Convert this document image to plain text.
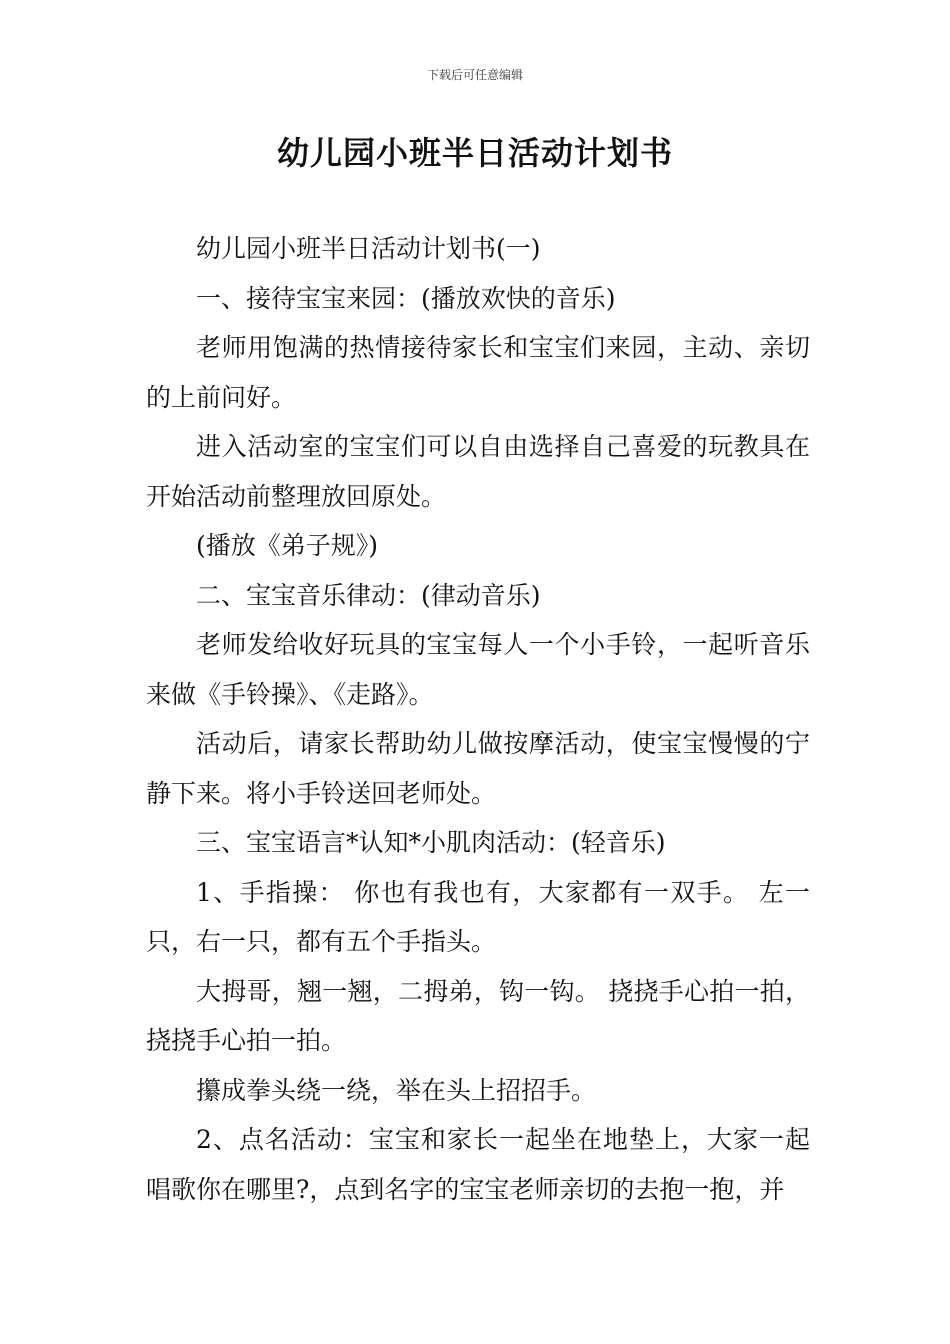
下载后可任意编辑
幼儿园小班半日活动计划书

幼儿园小班半日活动计划书(一)

一、接待宝宝来园：(播放欢快的音乐)

老师用饱满的热情接待家长和宝宝们来园，主动、亲切的上前问好。

进入活动室的宝宝们可以自由选择自己喜爱的玩教具在开始活动前整理放回原处。

(播放《弟子规》)

二、宝宝音乐律动：(律动音乐)

老师发给收好玩具的宝宝每人一个小手铃，一起听音乐来做《手铃操》、《走路》。

活动后，请家长帮助幼儿做按摩活动，使宝宝慢慢的宁静下来。将小手铃送回老师处。

三、宝宝语言*认知*小肌肉活动：(轻音乐)

1、手指操： 你也有我也有，大家都有一双手。 左一只，右一只，都有五个手指头。

大拇哥，翘一翘，二拇弟，钩一钩。 挠挠手心拍一拍，挠挠手心拍一拍。

攥成拳头绕一绕，举在头上招招手。

2、点名活动：宝宝和家长一起坐在地垫上，大家一起唱歌你在哪里?，点到名字的宝宝老师亲切的去抱一抱，并
